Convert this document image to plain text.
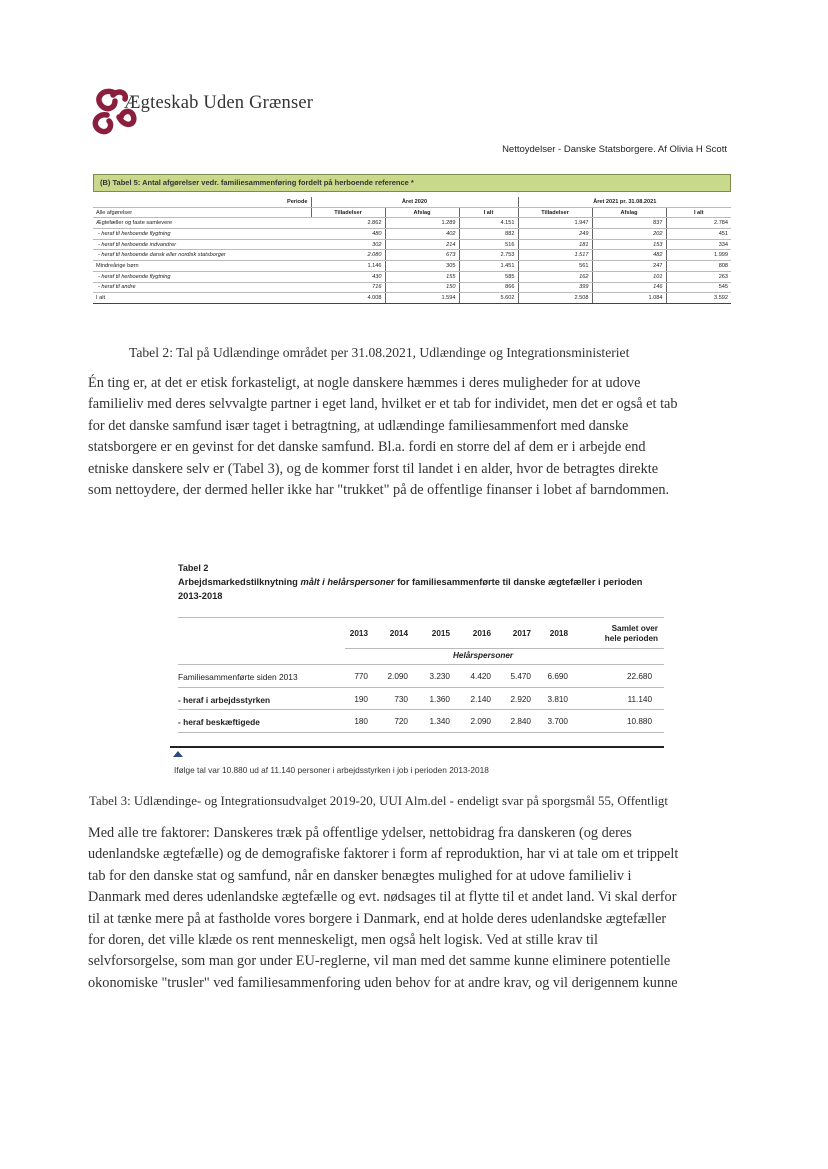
Ægteskab Uden Grænser
Nettoydelser - Danske Statsborgere. Af Olivia H Scott
(B) Tabel 5: Antal afgørelser vedr. familiesammenføring fordelt på herboende reference *
Periode	Året 2020			Året 2021 pr. 31.08.2021		
Alle afgørelser	Tilladelser	Afslag	I alt	Tilladelser	Afslag	I alt
Ægtefæller og faste samlevere	2.862	1.289	4.151	1.947	837	2.784
- heraf til herboende flygtning	480	402	882	249	202	451
- heraf til herboende indvandrer	302	214	516	181	153	334
- heraf til herboende dansk eller nordisk statsborger	2.080	673	2.753	1.517	482	1.999
Mindreårige børn	1.146	305	1.451	561	247	808
- heraf til herboende flygtning	430	155	585	162	101	263
- heraf til andre	716	150	866	399	146	545
I alt	4.008	1.594	5.602	2.508	1.084	3.592
Tabel 2: Tal på Udlændinge området per 31.08.2021, Udlændinge og Integrationsministeriet
Én ting er, at det er etisk forkasteligt, at nogle danskere hæmmes i deres muligheder for at udove
familieliv med deres selvvalgte partner i eget land, hvilket er et tab for individet, men det er også et tab
for det danske samfund især taget i betragtning, at udlændinge familiesammenfort med danske
statsborgere er en gevinst for det danske samfund. Bl.a. fordi en storre del af dem er i arbejde end
etniske danskere selv er (Tabel 3), og de kommer forst til landet i en alder, hvor de betragtes direkte
som nettoydere, der dermed heller ikke har "trukket" på de offentlige finanser i lobet af barndommen.
Tabel 2
Arbejdsmarkedstilknytning målt i helårspersoner for familiesammenførte til danske ægtefæller i perioden 2013-2018
Samlet over
hele perioden
Helårspersoner
2013	2014	2015	2016	2017	2018
Familiesammenførte siden 2013	770	2.090	3.230	4.420	5.470	6.690	22.680
- heraf i arbejdsstyrken	190	730	1.360	2.140	2.920	3.810	11.140
- heraf beskæftigede	180	720	1.340	2.090	2.840	3.700	10.880
Ifølge tal var 10.880 ud af 11.140 personer i arbejdsstyrken i job i perioden 2013-2018
Tabel 3: Udlændinge- og Integrationsudvalget 2019-20, UUI Alm.del - endeligt svar på sporgsmål 55, Offentligt
Med alle tre faktorer: Danskeres træk på offentlige ydelser, nettobidrag fra danskeren (og deres
udenlandske ægtefælle) og de demografiske faktorer i form af reproduktion, har vi at tale om et trippelt
tab for den danske stat og samfund, når en dansker benægtes mulighed for at udove familieliv i
Danmark med deres udenlandske ægtefælle og evt. nødsages til at flytte til et andet land. Vi skal derfor
til at tænke mere på at fastholde vores borgere i Danmark, end at holde deres udenlandske ægtefæller
for doren, det ville klæde os rent menneskeligt, men også helt logisk. Ved at stille krav til
selvforsorgelse, som man gor under EU-reglerne, vil man med det samme kunne eliminere potentielle
okonomiske "trusler" ved familiesammenforing uden behov for at andre krav, og vil derigennem kunne
